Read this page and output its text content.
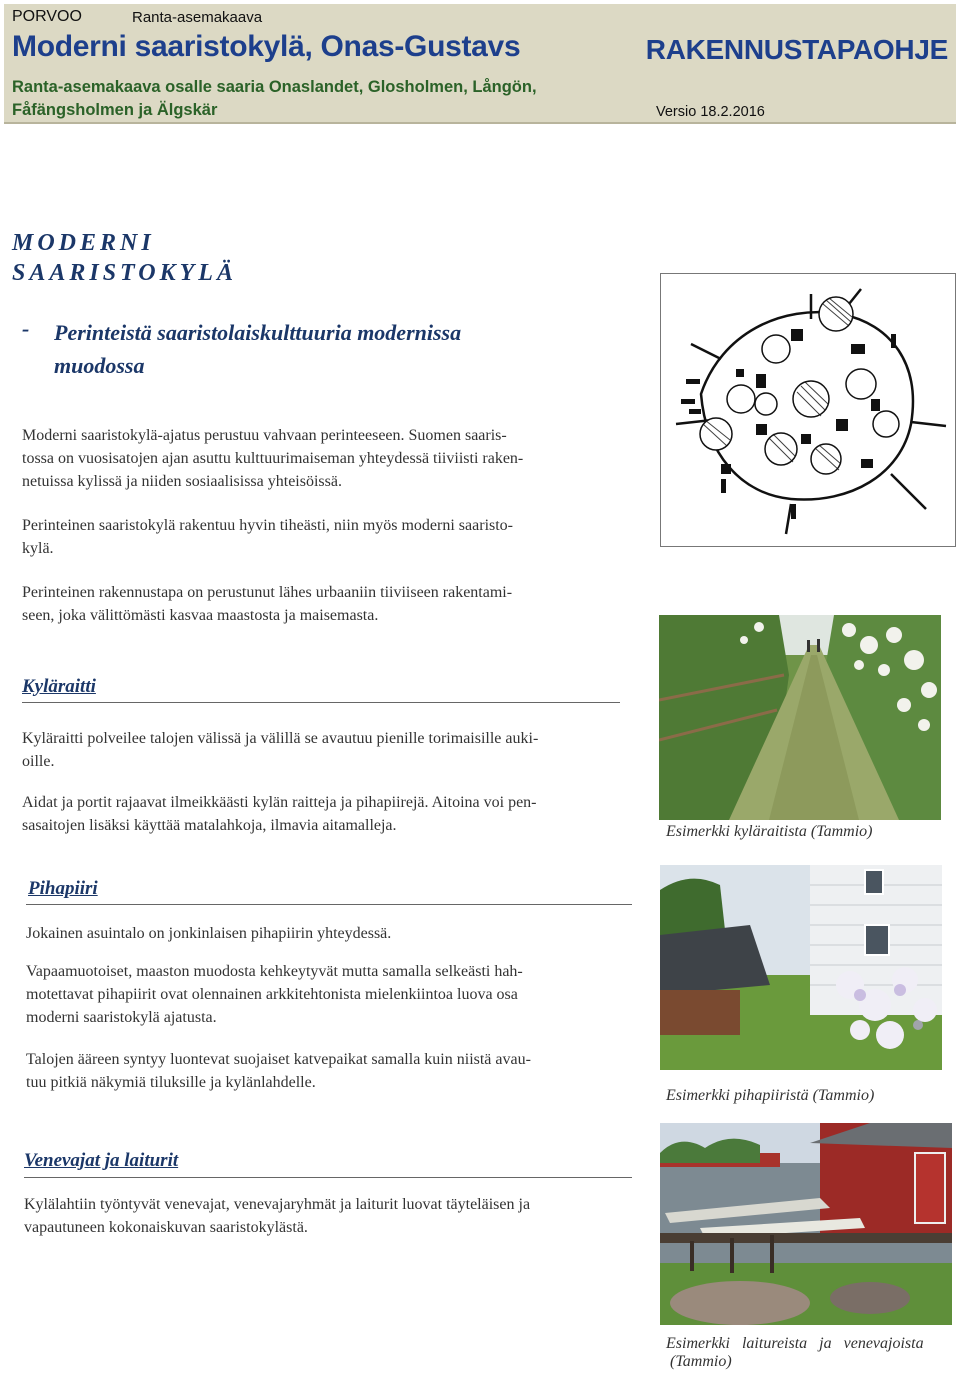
PORVOO	Ranta-asemakaava
Moderni saaristokylä, Onas-Gustavs	RAKENNUSTAPAOHJE
Ranta-asemakaava osalle saaria Onaslandet, Glosholmen, Långön,
Fåfängsholmen ja Älgskär	Versio 18.2.2016
MODERNI
SAARISTOKYLÄ
- Perinteistä saaristolaiskulttuuria modernissa muodossa
Moderni saaristokylä-ajatus perustuu vahvaan perinteeseen. Suomen saaris-
tossa on vuosisatojen ajan asuttu kulttuurimaiseman yhteydessä tiiviisti raken-
netuissa kylissä ja niiden sosiaalisissa yhteisöissä.
Perinteinen saaristokylä rakentuu hyvin tiheästi, niin myös moderni saaristo-
kylä.
Perinteinen rakennustapa on perustunut lähes urbaaniin tiiviiseen rakentami-
seen, joka välittömästi kasvaa maastosta ja maisemasta.
Kyläraitti
Kyläraitti polveilee talojen välissä ja välillä se avautuu pienille torimaisille auki-
oille.
Aidat ja portit rajaavat ilmeikkäästi kylän raitteja ja pihapiirejä. Aitoina voi pen-
sasaitojen lisäksi käyttää matalahkoja, ilmavia aitamalleja.	Esimerkki kyläraitista (Tammio)
Pihapiiri
Jokainen asuintalo on jonkinlaisen pihapiirin yhteydessä.
Vapaamuotoiset, maaston muodosta kehkeytyvät mutta samalla selkeästi hah-
motettavat pihapiirit ovat olennainen arkkitehtonista mielenkiintoa luova osa
moderni saaristokylä ajatusta.
Talojen ääreen syntyy luontevat suojaiset katvepaikat samalla kuin niistä avau-
tuu pitkiä näkymiä tiluksille ja kylänlahdelle.
Esimerkki pihapiiristä (Tammio)
Venevajat ja laiturit
Kylälahtiin työntyvät venevajat, venevajaryhmät ja laiturit luovat täyteläisen ja
vapautuneen kokonaiskuvan saaristokylästä.
Esimerkki   laitureista   ja   venevajoista
(Tammio)
